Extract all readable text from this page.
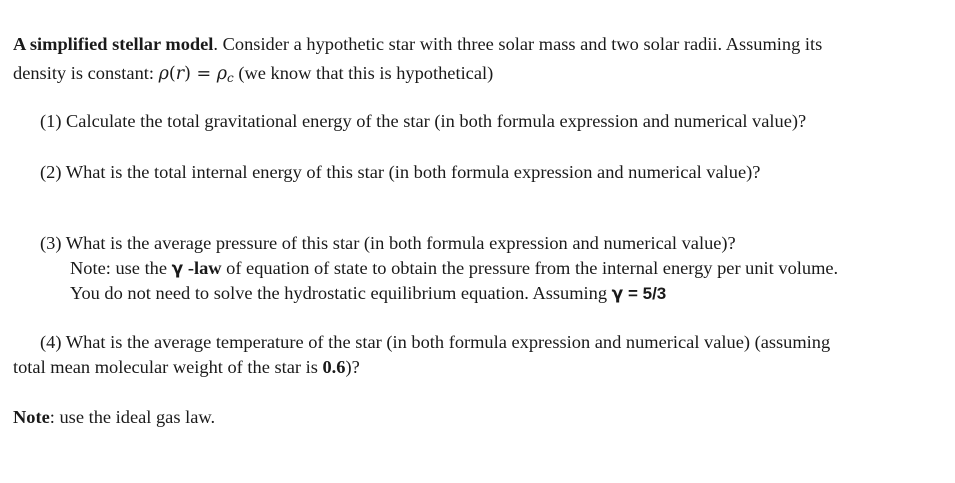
A simplified stellar model. Consider a hypothetic star with three solar mass and two solar radii. Assuming its
density is constant: $\rho(r) = \rho_c$ (we know that this is hypothetical)
(1) Calculate the total gravitational energy of the star (in both formula expression and numerical value)?
(2) What is the total internal energy of this star (in both formula expression and numerical value)?
(3) What is the average pressure of this star (in both formula expression and numerical value)?
Note: use the γ -law of equation of state to obtain the pressure from the internal energy per unit volume.
You do not need to solve the hydrostatic equilibrium equation. Assuming γ = 5/3
(4) What is the average temperature of the star (in both formula expression and numerical value) (assuming
total mean molecular weight of the star is 0.6)?
Note: use the ideal gas law.
